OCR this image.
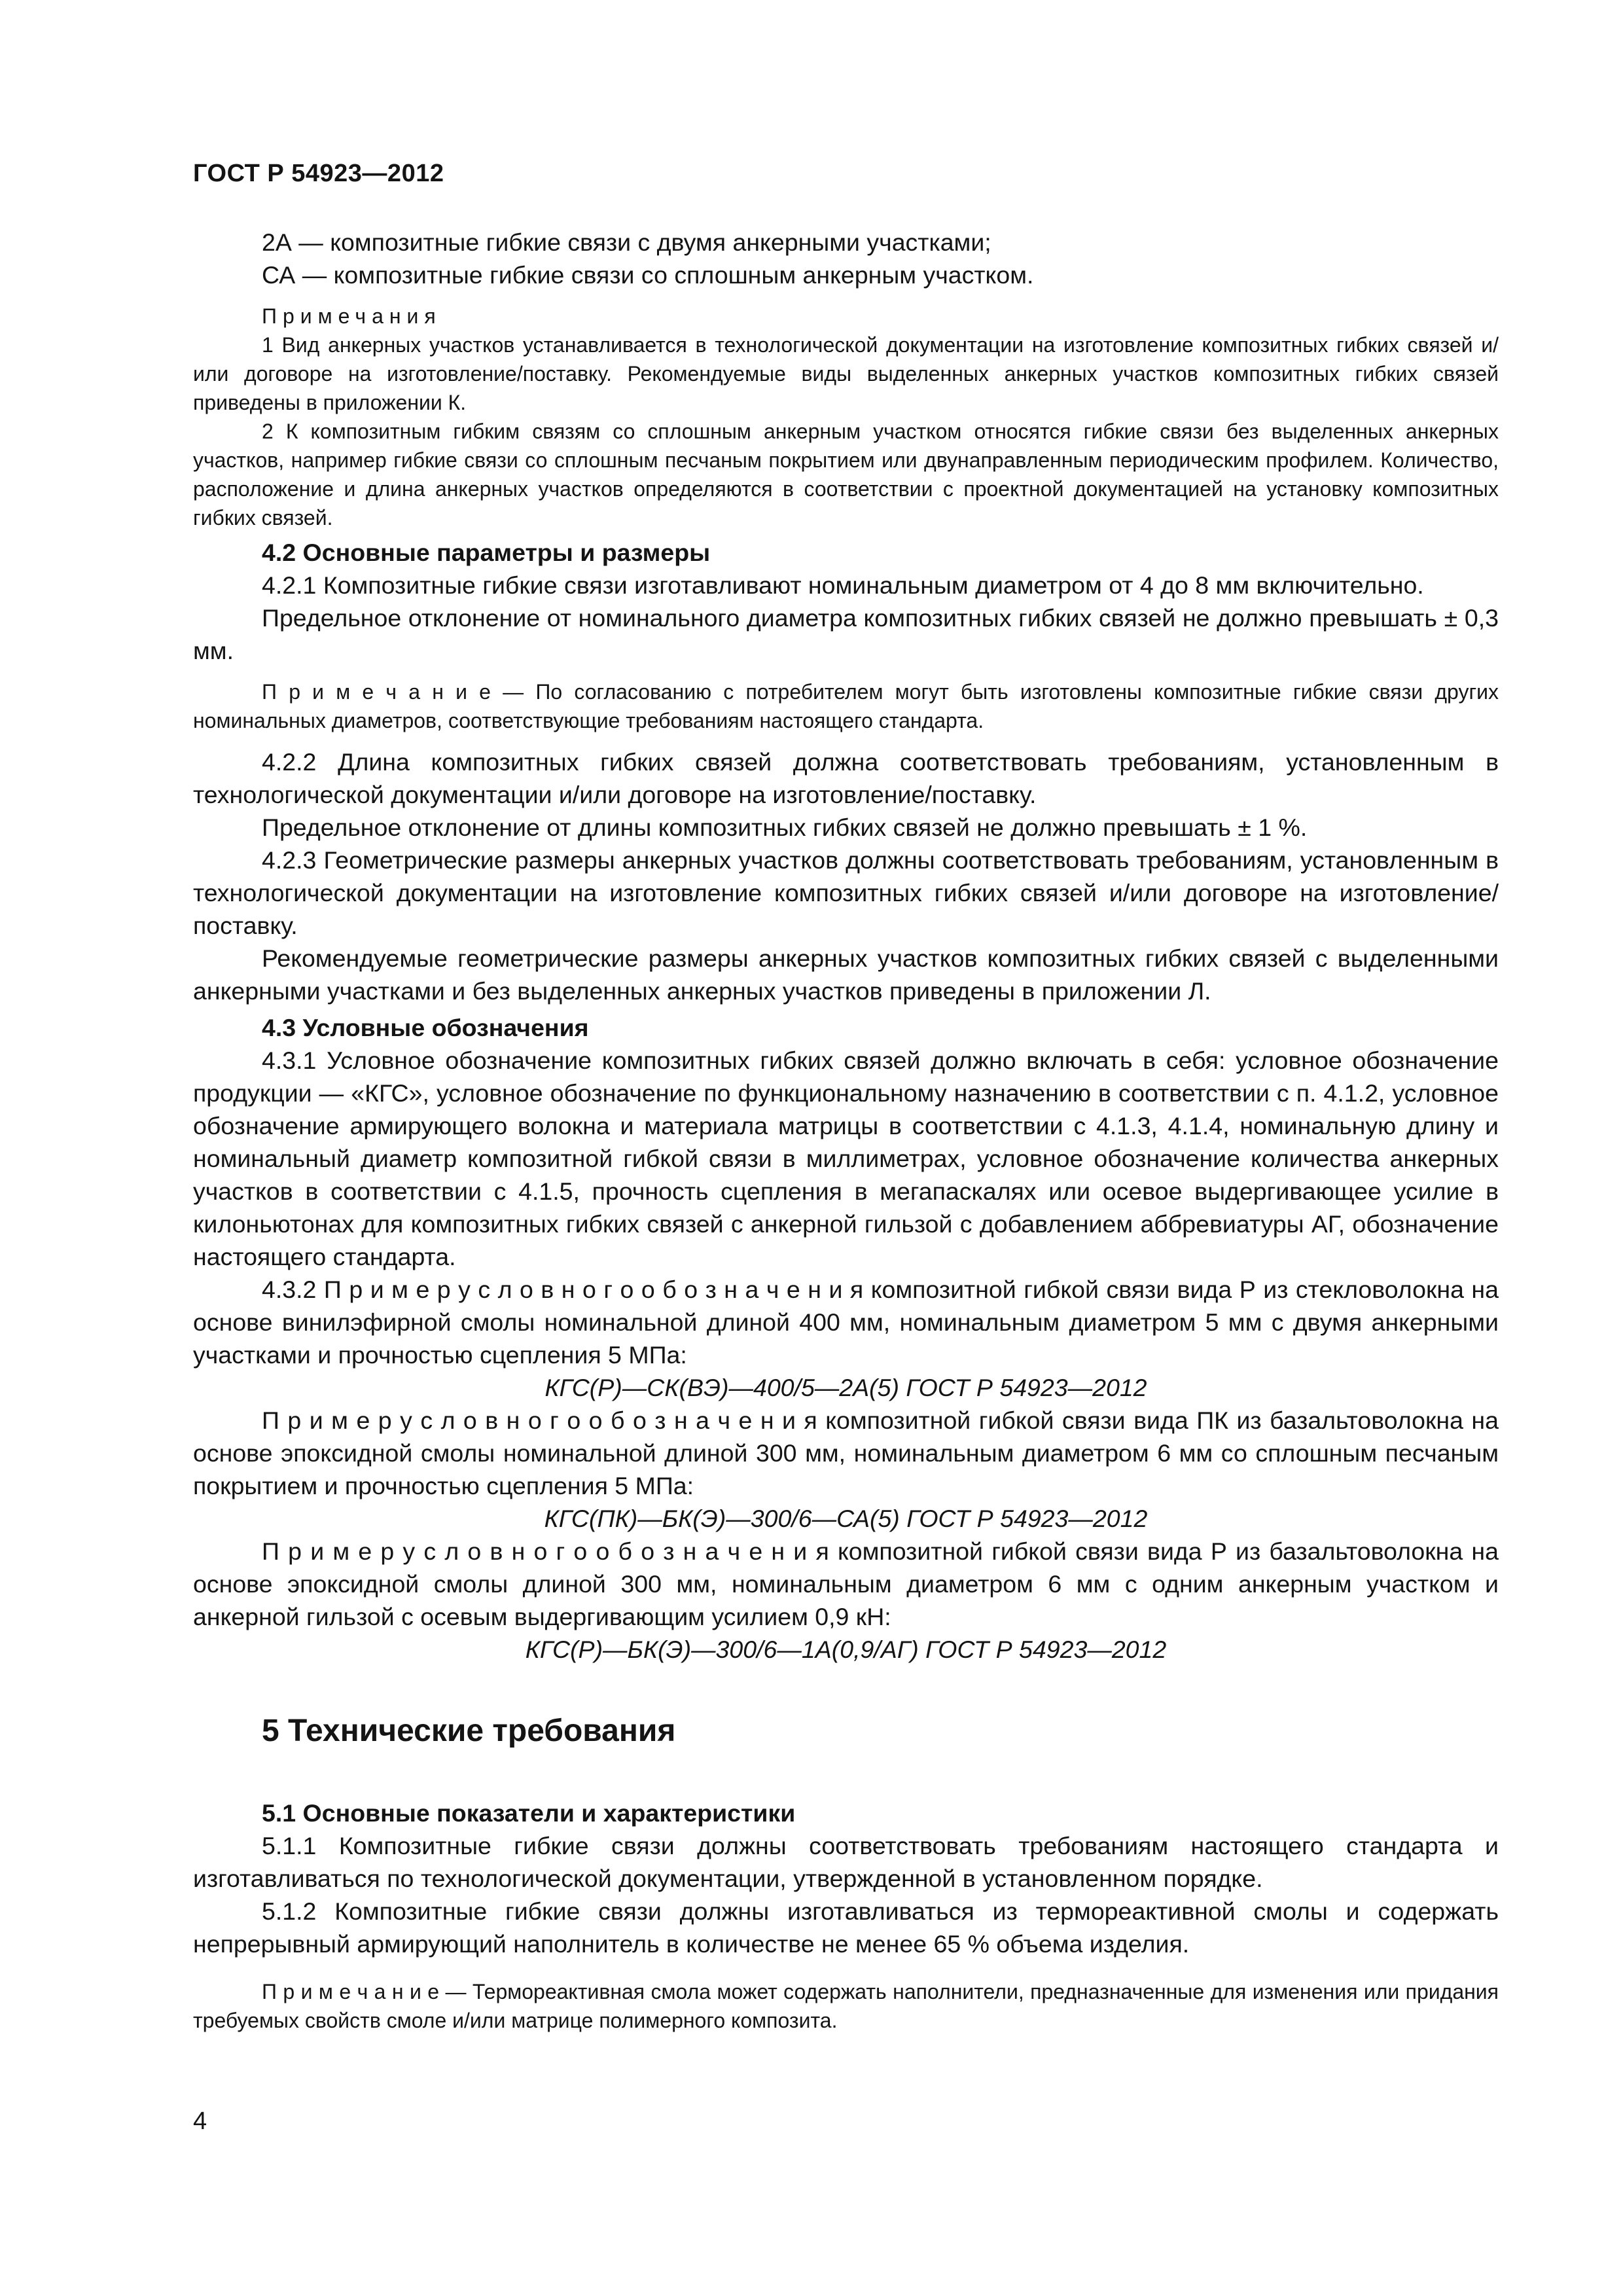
ГОСТ Р 54923—2012

2А — композитные гибкие связи с двумя анкерными участками;

СА — композитные гибкие связи со сплошным анкерным участком.

Примечания

1 Вид анкерных участков устанавливается в технологической документации на изготовление композитных гибких связей и/или договоре на изготовление/поставку. Рекомендуемые виды выделенных анкерных участков композитных гибких связей приведены в приложении К.

2 К композитным гибким связям со сплошным анкерным участком относятся гибкие связи без выделенных анкерных участков, например гибкие связи со сплошным песчаным покрытием или двунаправленным периодическим профилем. Количество, расположение и длина анкерных участков определяются в соответствии с проектной документацией на установку композитных гибких связей.

4.2 Основные параметры и размеры

4.2.1 Композитные гибкие связи изготавливают номинальным диаметром от 4 до 8 мм включительно.

Предельное отклонение от номинального диаметра композитных гибких связей не должно превышать ± 0,3 мм.

П р и м е ч а н и е — По согласованию с потребителем могут быть изготовлены композитные гибкие связи других номинальных диаметров, соответствующие требованиям настоящего стандарта.

4.2.2 Длина композитных гибких связей должна соответствовать требованиям, установленным в технологической документации и/или договоре на изготовление/поставку.

Предельное отклонение от длины композитных гибких связей не должно превышать ± 1 %.

4.2.3 Геометрические размеры анкерных участков должны соответствовать требованиям, установленным в технологической документации на изготовление композитных гибких связей и/или договоре на изготовление/поставку.

Рекомендуемые геометрические размеры анкерных участков композитных гибких связей с выделенными анкерными участками и без выделенных анкерных участков приведены в приложении Л.

4.3 Условные обозначения

4.3.1 Условное обозначение композитных гибких связей должно включать в себя: условное обозначение продукции — «КГС», условное обозначение по функциональному назначению в соответствии с п. 4.1.2, условное обозначение армирующего волокна и материала матрицы в соответствии с 4.1.3, 4.1.4, номинальную длину и номинальный диаметр композитной гибкой связи в миллиметрах, условное обозначение количества анкерных участков в соответствии с 4.1.5, прочность сцепления в мегапаскалях или осевое выдергивающее усилие в килоньютонах для композитных гибких связей с анкерной гильзой с добавлением аббревиатуры АГ, обозначение настоящего стандарта.

4.3.2 П р и м е р у с л о в н о г о о б о з н а ч е н и я композитной гибкой связи вида Р из стекловолокна на основе винилэфирной смолы номинальной длиной 400 мм, номинальным диаметром 5 мм с двумя анкерными участками и прочностью сцепления 5 МПа:

КГС(Р)—СК(ВЭ)—400/5—2А(5) ГОСТ Р 54923—2012

П р и м е р у с л о в н о г о о б о з н а ч е н и я композитной гибкой связи вида ПК из базальтоволокна на основе эпоксидной смолы номинальной длиной 300 мм, номинальным диаметром 6 мм со сплошным песчаным покрытием и прочностью сцепления 5 МПа:

КГС(ПК)—БК(Э)—300/6—СА(5) ГОСТ Р 54923—2012

П р и м е р у с л о в н о г о о б о з н а ч е н и я композитной гибкой связи вида Р из базальтоволокна на основе эпоксидной смолы длиной 300 мм, номинальным диаметром 6 мм с одним анкерным участком и анкерной гильзой с осевым выдергивающим усилием 0,9 кН:

КГС(Р)—БК(Э)—300/6—1А(0,9/АГ) ГОСТ Р 54923—2012

5 Технические требования

5.1 Основные показатели и характеристики

5.1.1 Композитные гибкие связи должны соответствовать требованиям настоящего стандарта и изготавливаться по технологической документации, утвержденной в установленном порядке.

5.1.2 Композитные гибкие связи должны изготавливаться из термореактивной смолы и содержать непрерывный армирующий наполнитель в количестве не менее 65 % объема изделия.

П р и м е ч а н и е — Термореактивная смола может содержать наполнители, предназначенные для изменения или придания требуемых свойств смоле и/или матрице полимерного композита.

4
